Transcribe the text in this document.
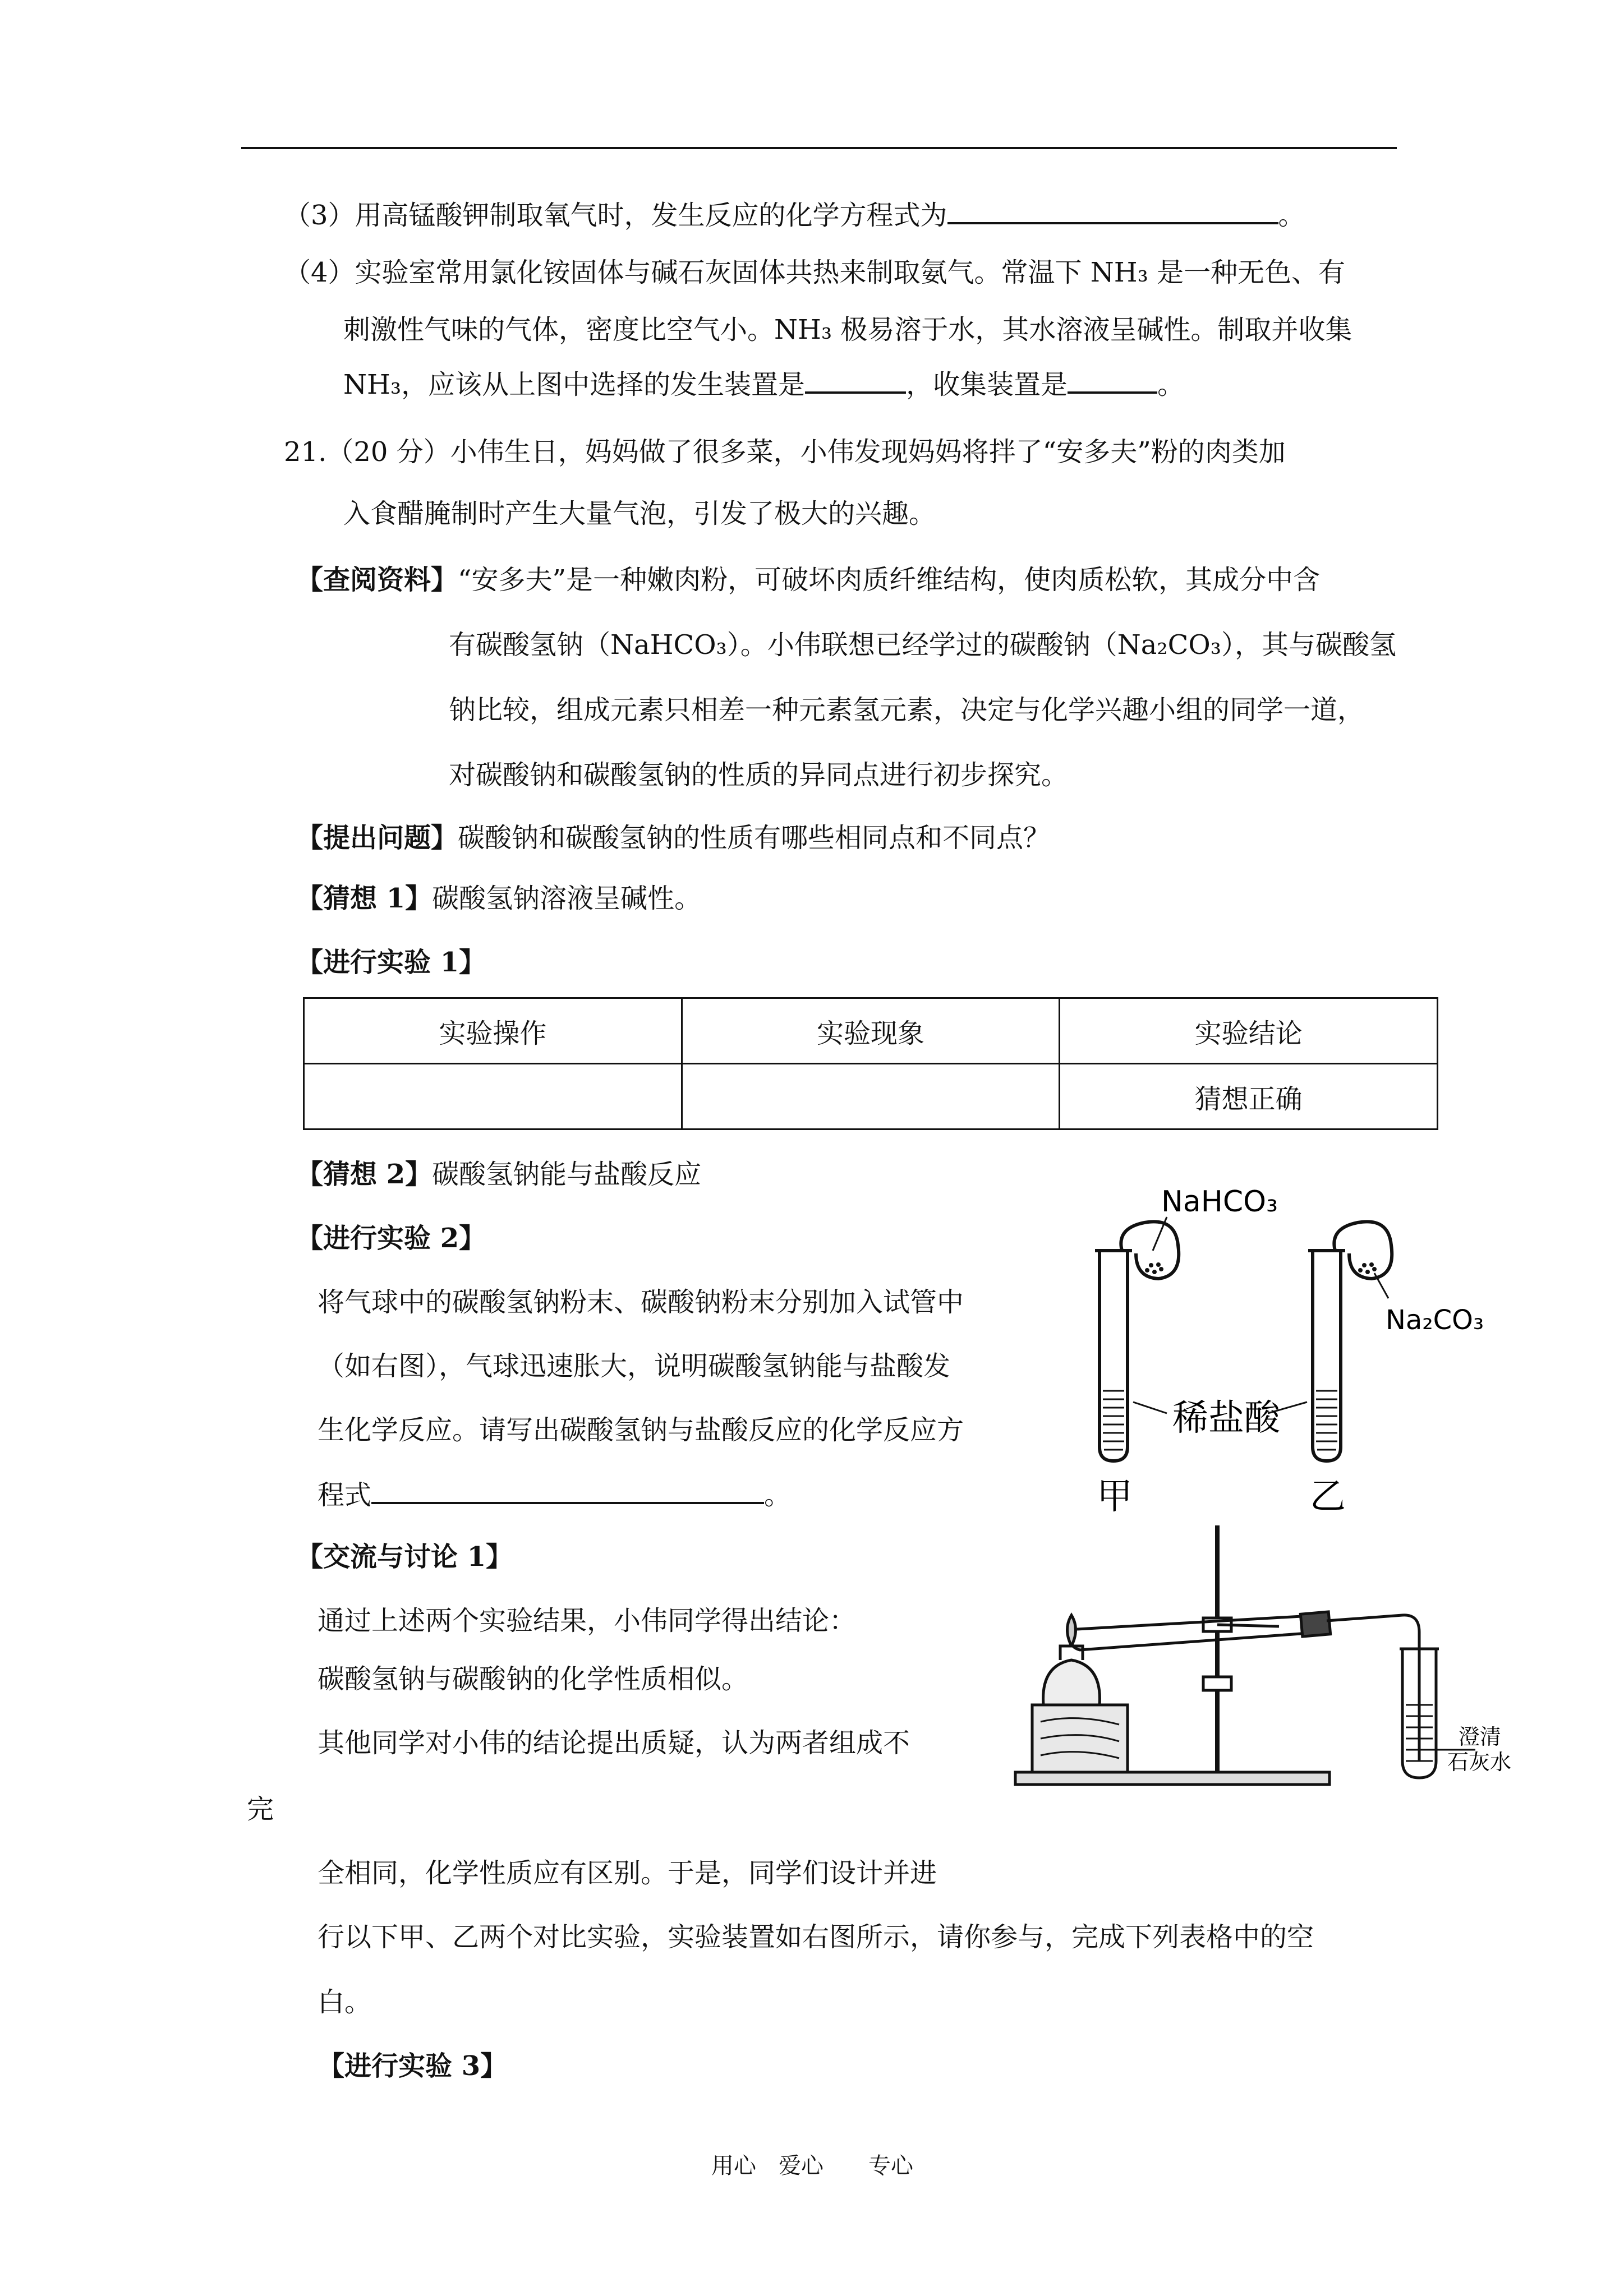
（3）用高锰酸钾制取氧气时，发生反应的化学方程式为	。
（4）实验室常用氯化铵固体与碱石灰固体共热来制取氨气。常温下 NH₃ 是一种无色、有
刺激性气味的气体，密度比空气小。NH₃ 极易溶于水，其水溶液呈碱性。制取并收集
NH₃，应该从上图中选择的发生装置是	，收集装置是	。
21.（20 分）小伟生日，妈妈做了很多菜，小伟发现妈妈将拌了“安多夫”粉的肉类加
入食醋腌制时产生大量气泡，引发了极大的兴趣。
【查阅资料】“安多夫”是一种嫩肉粉，可破坏肉质纤维结构，使肉质松软，其成分中含
有碳酸氢钠（NaHCO₃）。小伟联想已经学过的碳酸钠（Na₂CO₃），其与碳酸氢
钠比较，组成元素只相差一种元素氢元素，决定与化学兴趣小组的同学一道，
对碳酸钠和碳酸氢钠的性质的异同点进行初步探究。
【提出问题】碳酸钠和碳酸氢钠的性质有哪些相同点和不同点？
【猜想 1】碳酸氢钠溶液呈碱性。
【进行实验 1】
实验操作	实验现象	实验结论
		猜想正确
【猜想 2】碳酸氢钠能与盐酸反应
【进行实验 2】
将气球中的碳酸氢钠粉末、碳酸钠粉末分别加入试管中
（如右图），气球迅速胀大，说明碳酸氢钠能与盐酸发
生化学反应。请写出碳酸氢钠与盐酸反应的化学反应方
程式	。
NaHCO₃
Na₂CO₃
稀盐酸
甲	乙
【交流与讨论 1】
通过上述两个实验结果，小伟同学得出结论：
碳酸氢钠与碳酸钠的化学性质相似。
其他同学对小伟的结论提出质疑，认为两者组成不
完
全相同，化学性质应有区别。于是，同学们设计并进
行以下甲、乙两个对比实验，实验装置如右图所示，请你参与，完成下列表格中的空
白。
澄清
石灰水
【进行实验 3】
用心　爱心　　专心
